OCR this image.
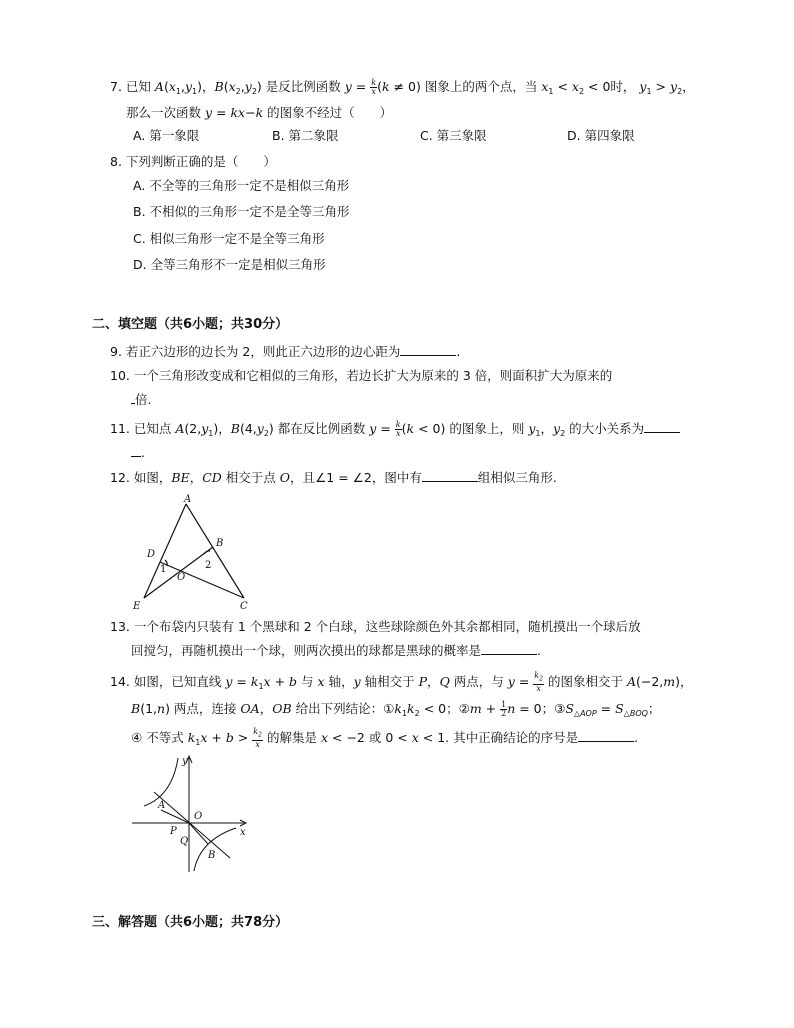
7. 已知 $A(x_1,y_1)$，$B(x_2,y_2)$ 是反比例函数 $y = \frac{k}{x} (k \ne 0)$ 图象上的两个点，当 $x_1 < x_2 < 0$时， $y_1 > y_2$，
那么一次函数 y = kx−k 的图象不经过（　　）
A. 第一象限	B. 第二象限	C. 第三象限	D. 第四象限
8. 下列判断正确的是（　　）
A. 不全等的三角形一定不是相似三角形
B. 不相似的三角形一定不是全等三角形
C. 相似三角形一定不是全等三角形
D. 全等三角形不一定是相似三角形
二、填空题（共6小题；共30分）
9. 若正六边形的边长为 2，则此正六边形的边心距为	.
10. 一个三角形改变成和它相似的三角形，若边长扩大为原来的 3 倍，则面积扩大为原来的
倍.
11. 已知点 $A(2,y_1)$，$B(4,y_2)$ 都在反比例函数 $y = \frac{k}{x} (k < 0)$ 的图象上，则 $y_1$，$y_2$ 的大小关系为
.
12. 如图，BE，CD 相交于点 O，且∠1 = ∠2，图中有	组相似三角形.
A
B
D
O
E	C
1	2
13. 一个布袋内只装有 1 个黑球和 2 个白球，这些球除颜色外其余都相同，随机摸出一个球后放
回搅匀，再随机摸出一个球，则两次摸出的球都是黑球的概率是	.
14. 如图，已知直线 $y = k_1x + b$ 与 x 轴，y 轴相交于 P，Q 两点，与 $y = \frac{k_2}{x}$ 的图象相交于 A(−2,m)，
B(1,n) 两点，连接 OA，OB 给出下列结论：$①k_1k_2 < 0$；②m + $\frac{1}{2}$ n = 0；$③S_{\triangle AOP} = S_{\triangle BOQ}$；
④ 不等式 $k_1x + b > \frac{k_2}{x}$ 的解集是 x < −2 或 0 < x < 1. 其中正确结论的序号是	.
y
x
A
O
P
Q
B
三、解答题（共6小题；共78分）
